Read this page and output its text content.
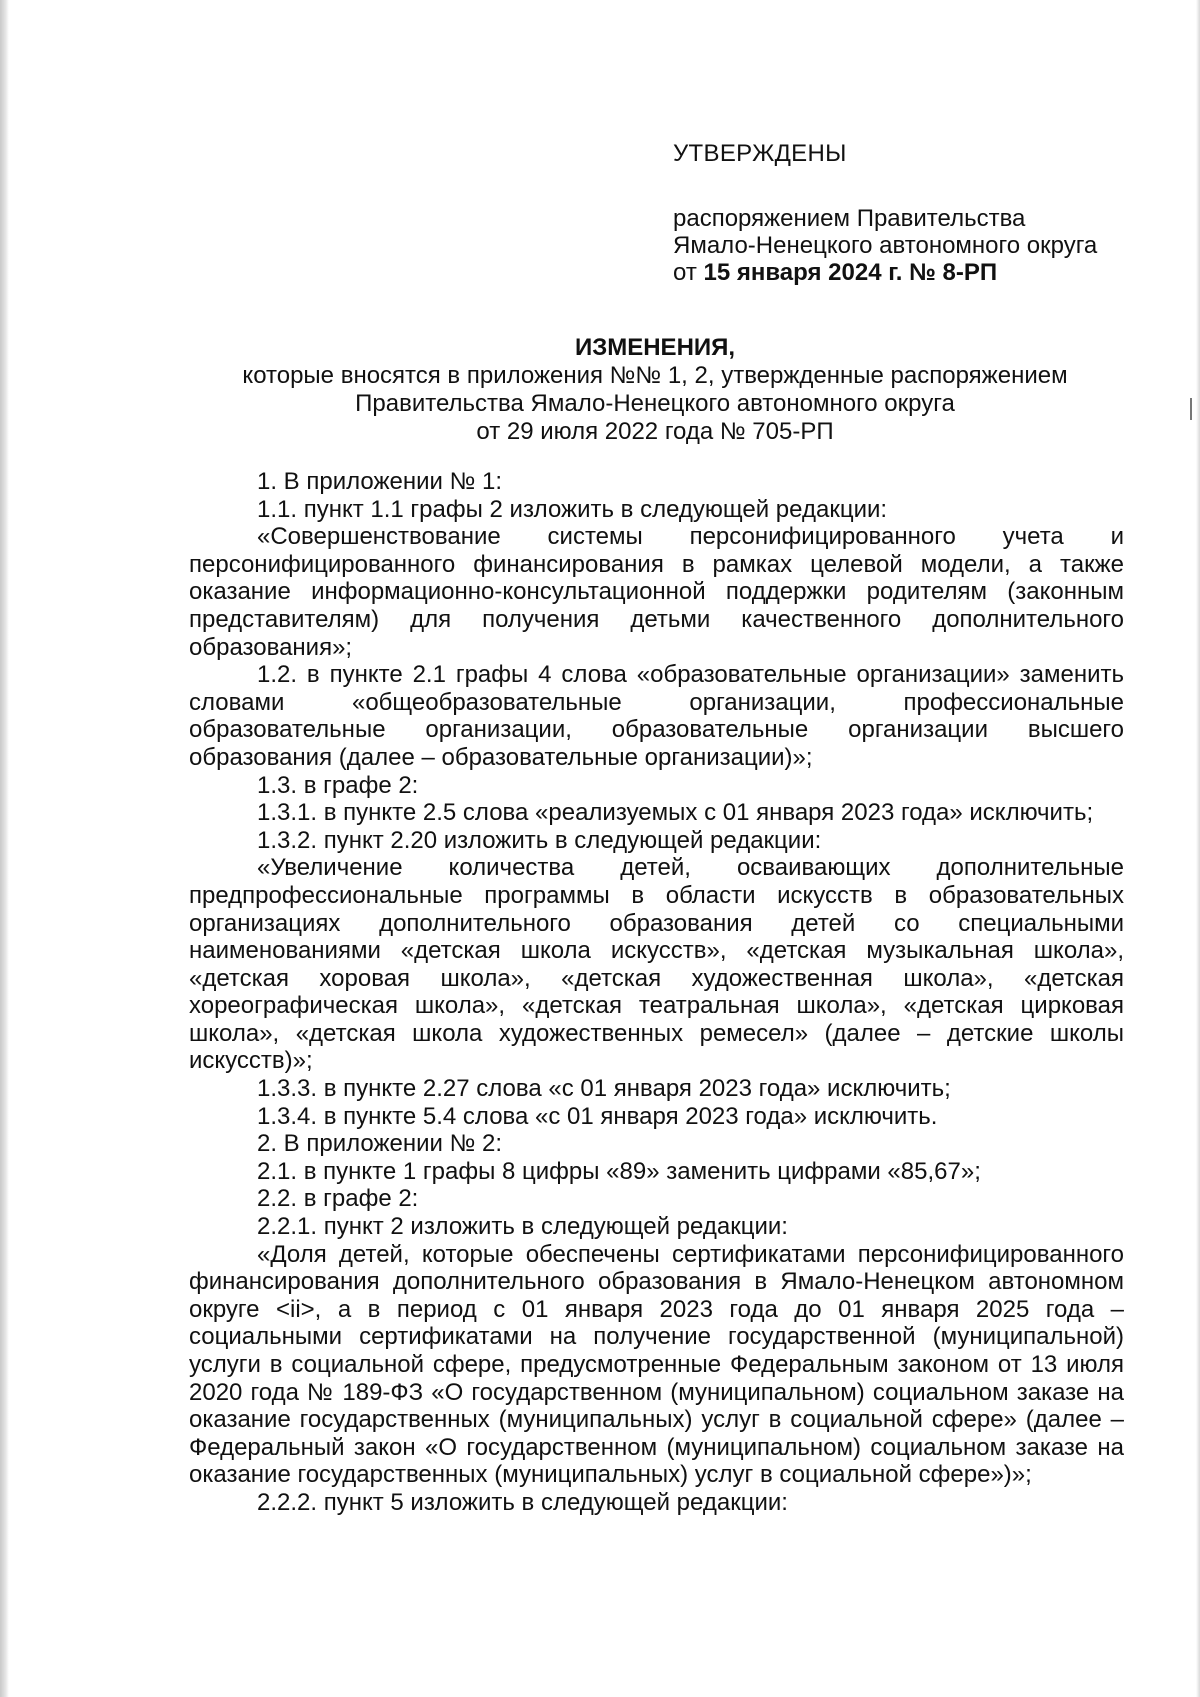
УТВЕРЖДЕНЫ
распоряжением Правительства
Ямало-Ненецкого автономного округа
от 15 января 2024 г. № 8-РП
ИЗМЕНЕНИЯ,
которые вносятся в приложения №№ 1, 2, утвержденные распоряжением
Правительства Ямало-Ненецкого автономного округа
от 29 июля 2022 года № 705-РП

1. В приложении № 1:

1.1. пункт 1.1 графы 2 изложить в следующей редакции:

«Совершенствование системы персонифицированного учета и персонифицированного финансирования в рамках целевой модели, а также оказание информационно-консультационной поддержки родителям (законным представителям) для получения детьми качественного дополнительного образования»;

1.2. в пункте 2.1 графы 4 слова «образовательные организации» заменить словами «общеобразовательные организации, профессиональные образовательные организации, образовательные организации высшего образования (далее – образовательные организации)»;

1.3. в графе 2:

1.3.1. в пункте 2.5 слова «реализуемых с 01 января 2023 года» исключить;

1.3.2. пункт 2.20 изложить в следующей редакции:

«Увеличение количества детей, осваивающих дополнительные предпрофессиональные программы в области искусств в образовательных организациях дополнительного образования детей со специальными наименованиями «детская школа искусств», «детская музыкальная школа», «детская хоровая школа», «детская художественная школа», «детская хореографическая школа», «детская театральная школа», «детская цирковая школа», «детская школа художественных ремесел» (далее – детские школы искусств)»;

1.3.3. в пункте 2.27 слова «с 01 января 2023 года» исключить;

1.3.4. в пункте 5.4 слова «с 01 января 2023 года» исключить.

2. В приложении № 2:

2.1. в пункте 1 графы 8 цифры «89» заменить цифрами «85,67»;

2.2. в графе 2:

2.2.1. пункт 2 изложить в следующей редакции:

«Доля детей, которые обеспечены сертификатами персонифицированного финансирования дополнительного образования в Ямало-Ненецком автономном округе <ii>, а в период с 01 января 2023 года до 01 января 2025 года – социальными сертификатами на получение государственной (муниципальной) услуги в социальной сфере, предусмотренные Федеральным законом от 13 июля 2020 года № 189-ФЗ «О государственном (муниципальном) социальном заказе на оказание государственных (муниципальных) услуг в социальной сфере» (далее – Федеральный закон «О государственном (муниципальном) социальном заказе на оказание государственных (муниципальных) услуг в социальной сфере»)»;

2.2.2. пункт 5 изложить в следующей редакции:
